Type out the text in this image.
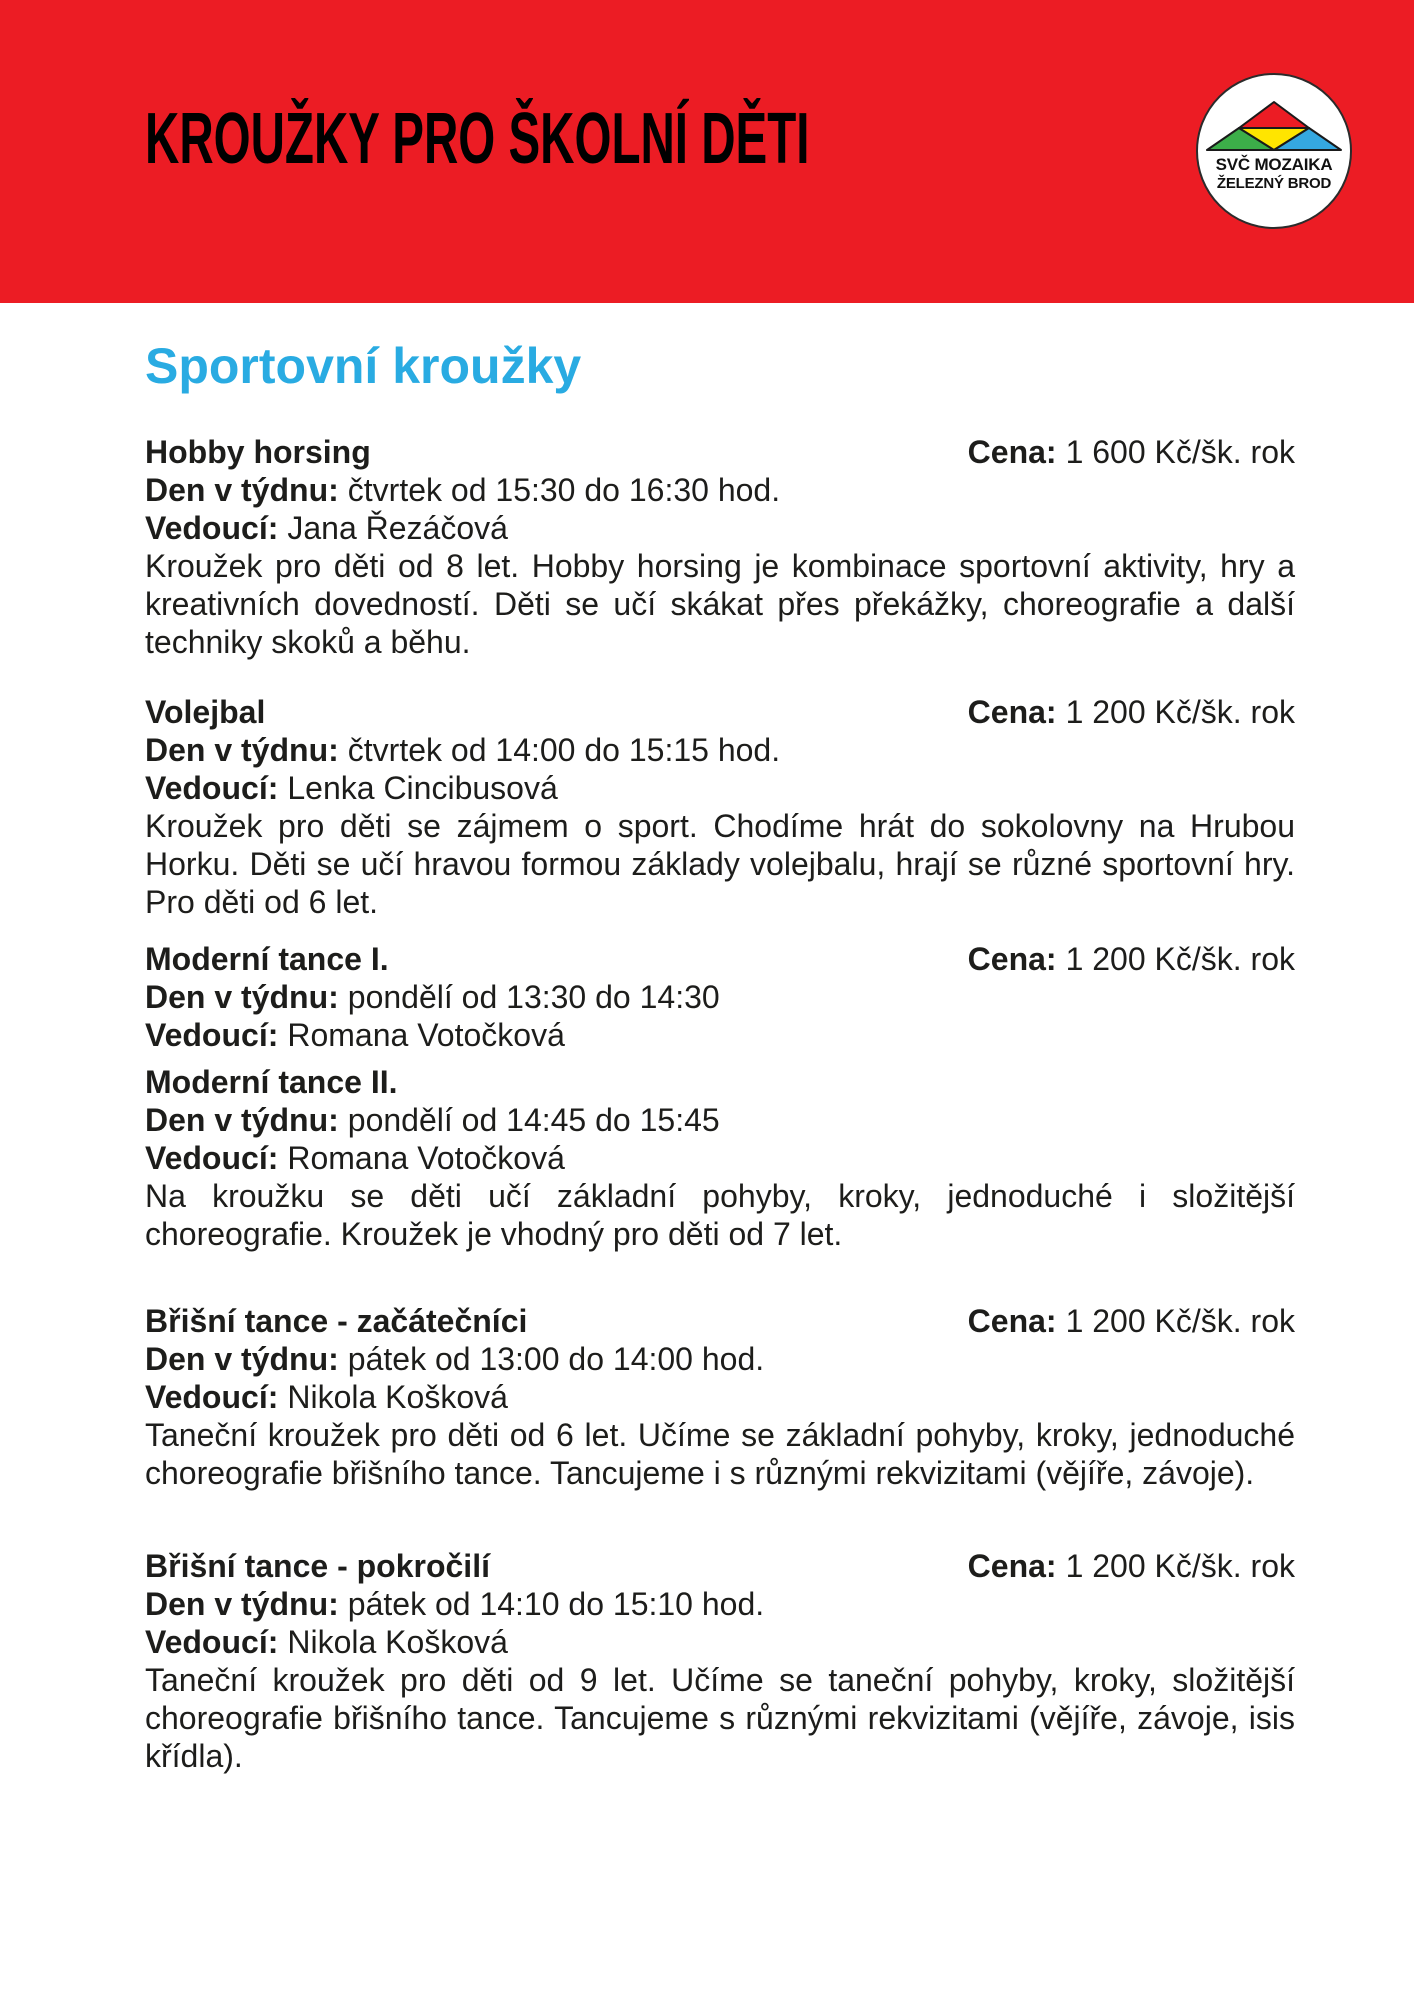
KROUŽKY PRO ŠKOLNÍ DĚTI	SVČ MOZAIKA
ŽELEZNÝ BROD
Sportovní kroužky
Hobby horsing	Cena: 1 600 Kč/šk. rok
Den v týdnu: čtvrtek od 15:30 do 16:30 hod.
Vedoucí: Jana Řezáčová

Kroužek pro děti od 8 let. Hobby horsing je kombinace sportovní aktivity, hry a kreativních dovedností. Děti se učí skákat přes překážky, choreografie a další techniky skoků a běhu.

Volejbal	Cena: 1 200 Kč/šk. rok
Den v týdnu: čtvrtek od 14:00 do 15:15 hod.
Vedoucí: Lenka Cincibusová

Kroužek pro děti se zájmem o sport. Chodíme hrát do sokolovny na Hrubou Horku. Děti se učí hravou formou základy volejbalu, hrají se různé sportovní hry. Pro děti od 6 let.

Moderní tance I.	Cena: 1 200 Kč/šk. rok
Den v týdnu: pondělí od 13:30 do 14:30
Vedoucí: Romana Votočková
Moderní tance II.
Den v týdnu: pondělí od 14:45 do 15:45
Vedoucí: Romana Votočková

Na kroužku se děti učí základní pohyby, kroky, jednoduché i složitější choreografie. Kroužek je vhodný pro děti od 7 let.

Břišní tance - začátečníci	Cena: 1 200 Kč/šk. rok
Den v týdnu: pátek od 13:00 do 14:00 hod.
Vedoucí: Nikola Košková

Taneční kroužek pro děti od 6 let. Učíme se základní pohyby, kroky, jednoduché choreografie břišního tance. Tancujeme i s různými rekvizitami (vějíře, závoje).

Břišní tance - pokročilí	Cena: 1 200 Kč/šk. rok
Den v týdnu: pátek od 14:10 do 15:10 hod.
Vedoucí: Nikola Košková

Taneční kroužek pro děti od 9 let. Učíme se taneční pohyby, kroky, složitější choreografie břišního tance. Tancujeme s různými rekvizitami (vějíře, závoje, isis křídla).
